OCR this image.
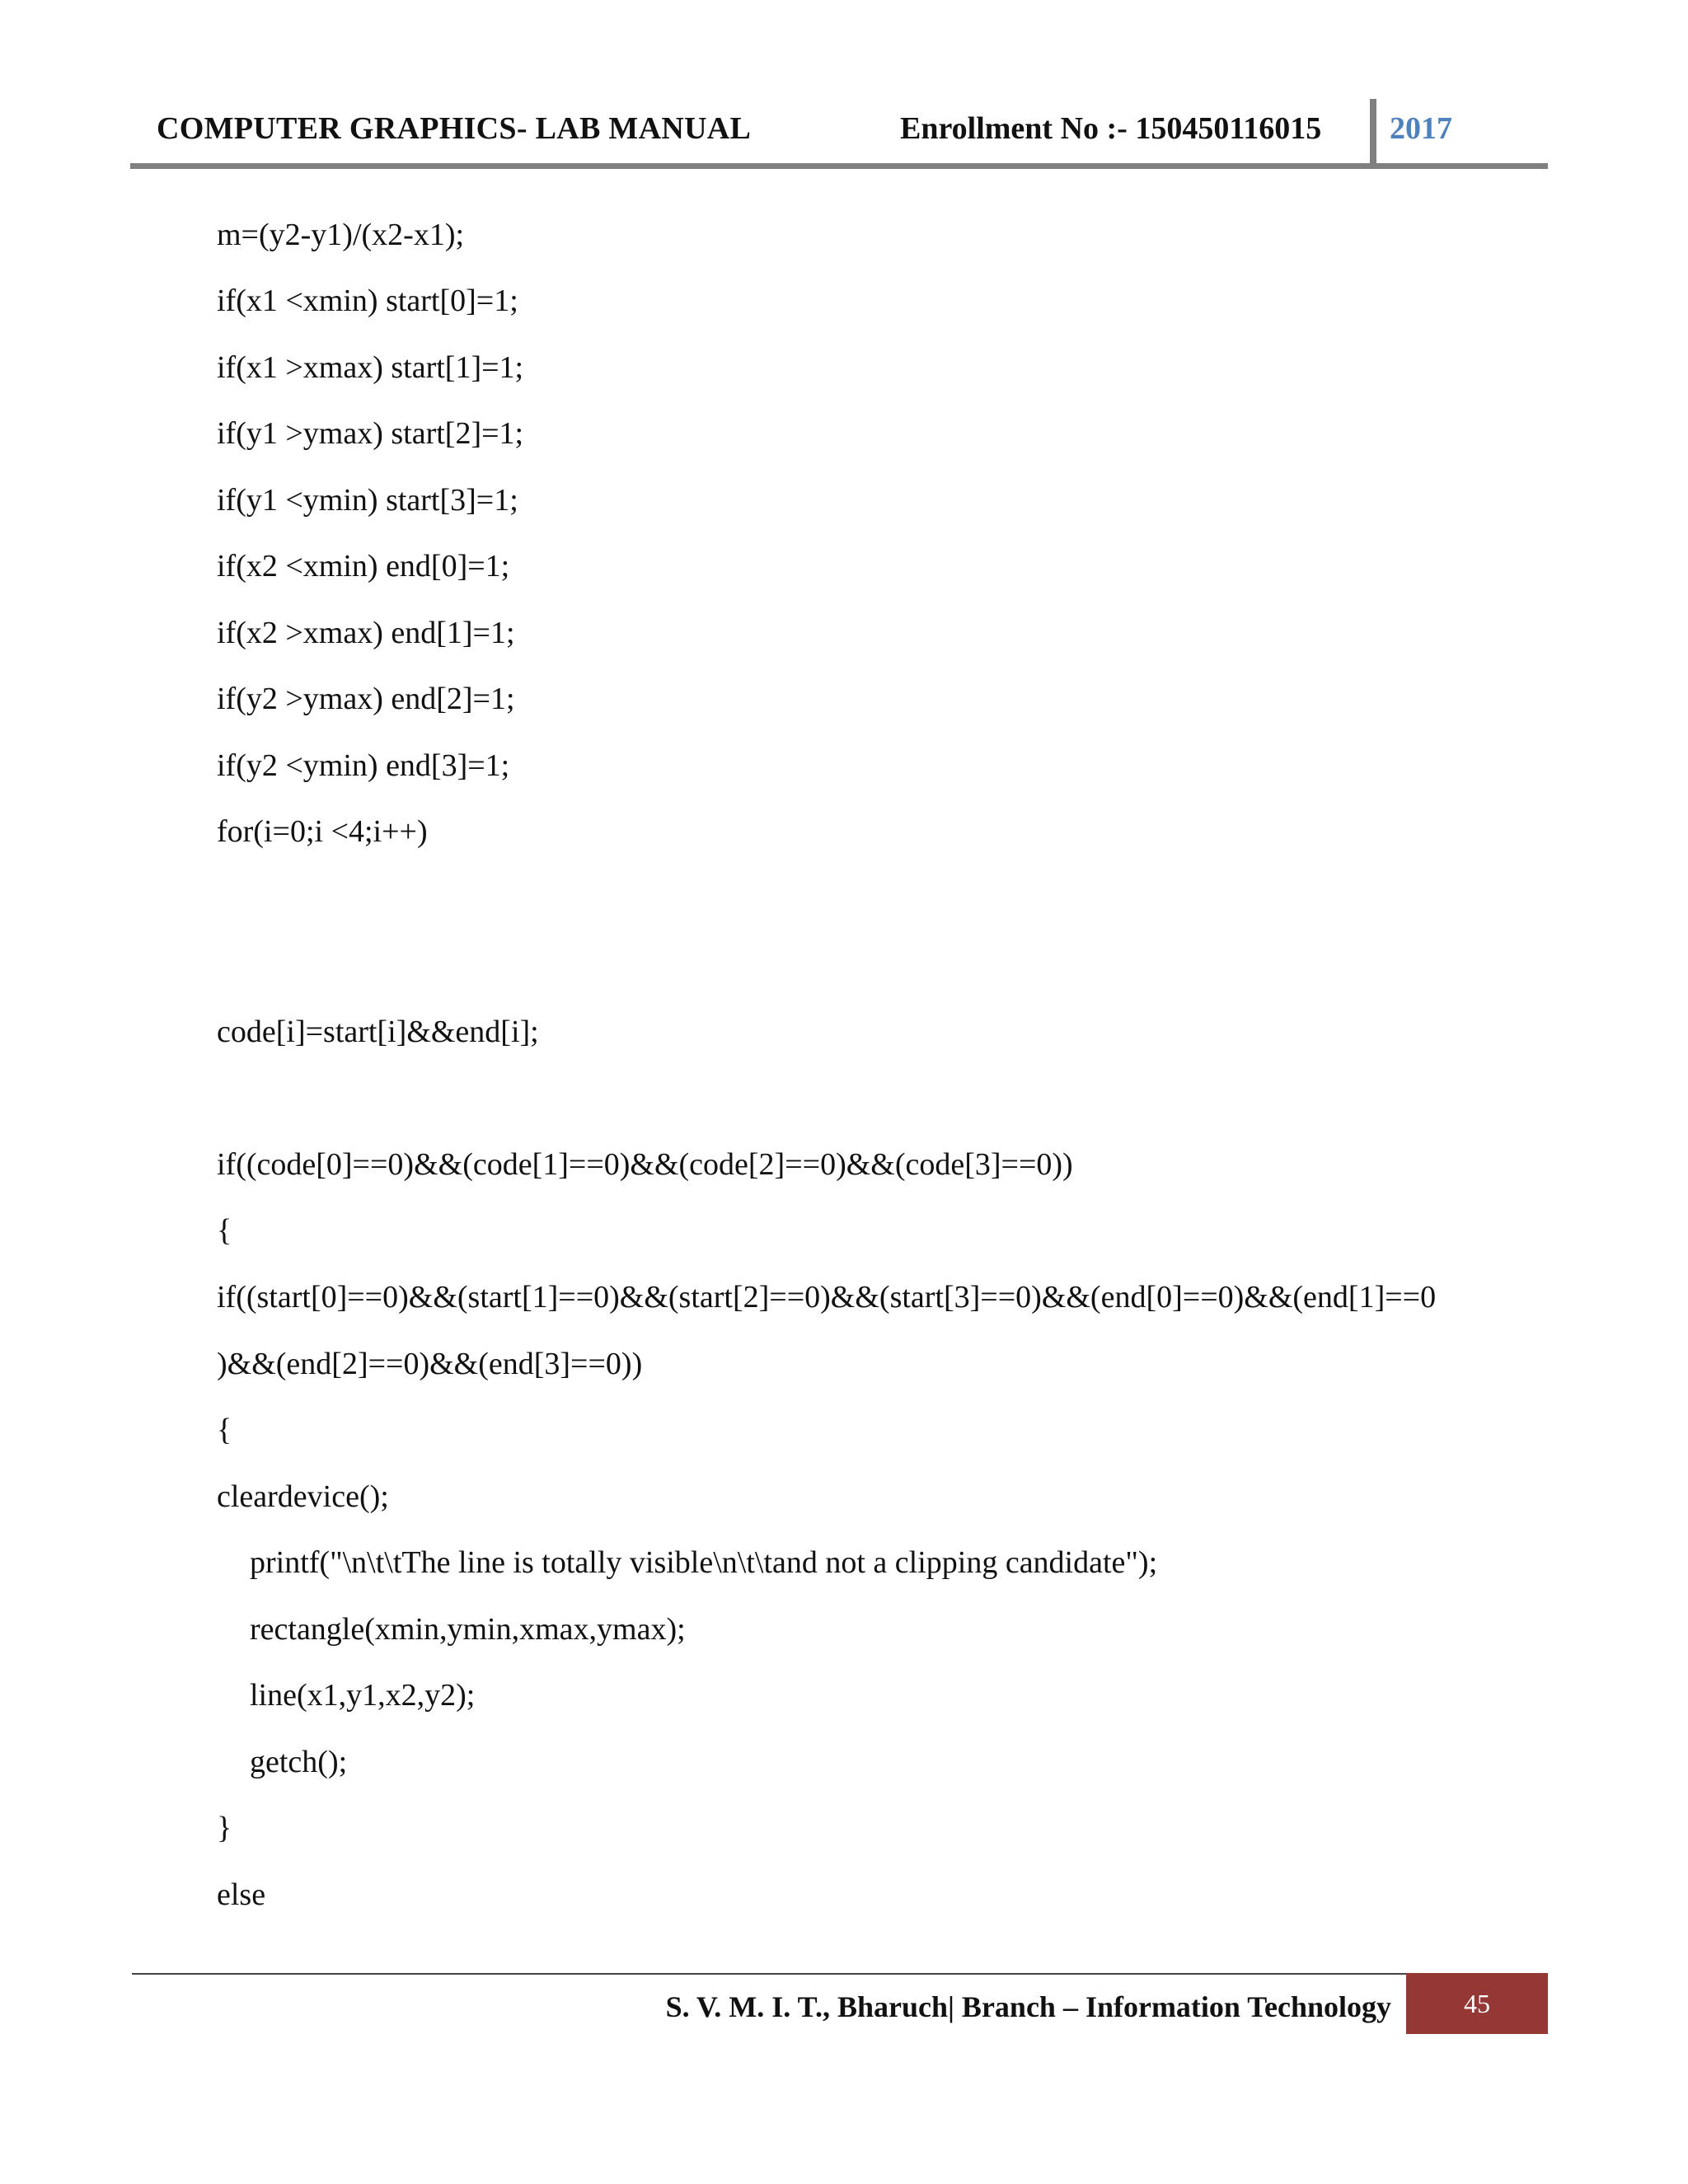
COMPUTER GRAPHICS- LAB MANUAL	Enrollment No :- 150450116015 2017
m=(y2-y1)/(x2-x1);
if(x1 <xmin) start[0]=1;
if(x1 >xmax) start[1]=1;
if(y1 >ymax) start[2]=1;
if(y1 <ymin) start[3]=1;
if(x2 <xmin) end[0]=1;
if(x2 >xmax) end[1]=1;
if(y2 >ymax) end[2]=1;
if(y2 <ymin) end[3]=1;
for(i=0;i <4;i++)
code[i]=start[i]&&end[i];
if((code[0]==0)&&(code[1]==0)&&(code[2]==0)&&(code[3]==0))
{
if((start[0]==0)&&(start[1]==0)&&(start[2]==0)&&(start[3]==0)&&(end[0]==0)&&(end[1]==0
)&&(end[2]==0)&&(end[3]==0))
{
cleardevice();
printf("\n\t\tThe line is totally visible\n\t\tand not a clipping candidate");
rectangle(xmin,ymin,xmax,ymax);
line(x1,y1,x2,y2);
getch();
}
else
S. V. M. I. T., Bharuch| Branch – Information Technology	45
